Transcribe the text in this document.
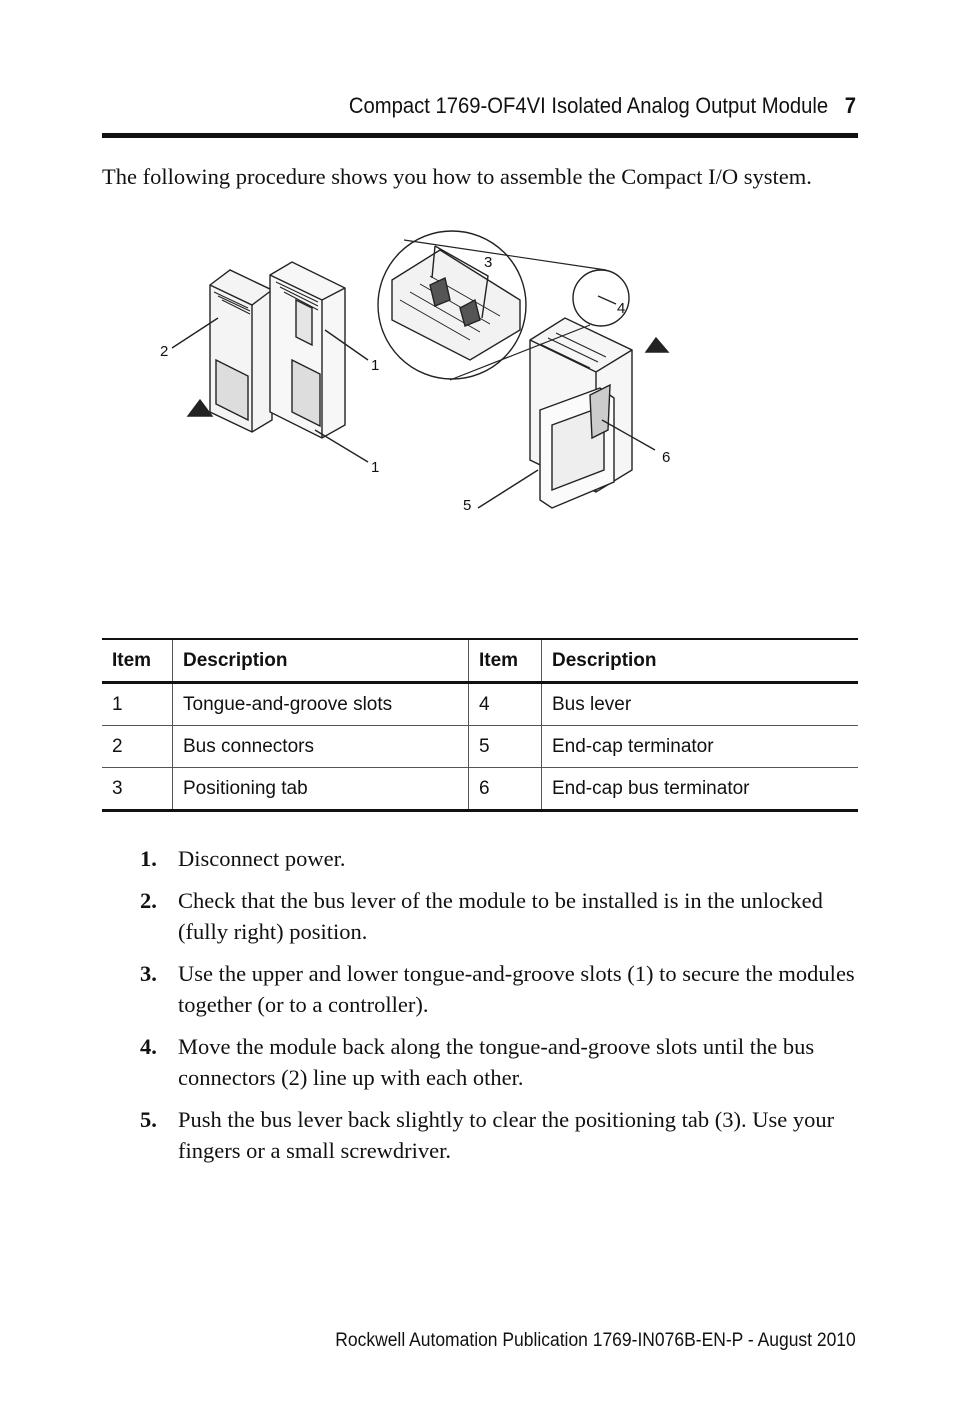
Compact 1769-OF4VI Isolated Analog Output Module 7
The following procedure shows you how to assemble the Compact I/O system.
2
1
1
3
4
5
6
Item	Description	Item	Description
1	Tongue-and-groove slots	4	Bus lever
2	Bus connectors	5	End-cap terminator
3	Positioning tab	6	End-cap bus terminator
1. Disconnect power.
2. Check that the bus lever of the module to be installed is in the unlocked (fully right) position.
3. Use the upper and lower tongue-and-groove slots (1) to secure the modules together (or to a controller).
4. Move the module back along the tongue-and-groove slots until the bus connectors (2) line up with each other.
5. Push the bus lever back slightly to clear the positioning tab (3). Use your fingers or a small screwdriver.
Rockwell Automation Publication 1769-IN076B-EN-P - August 2010
